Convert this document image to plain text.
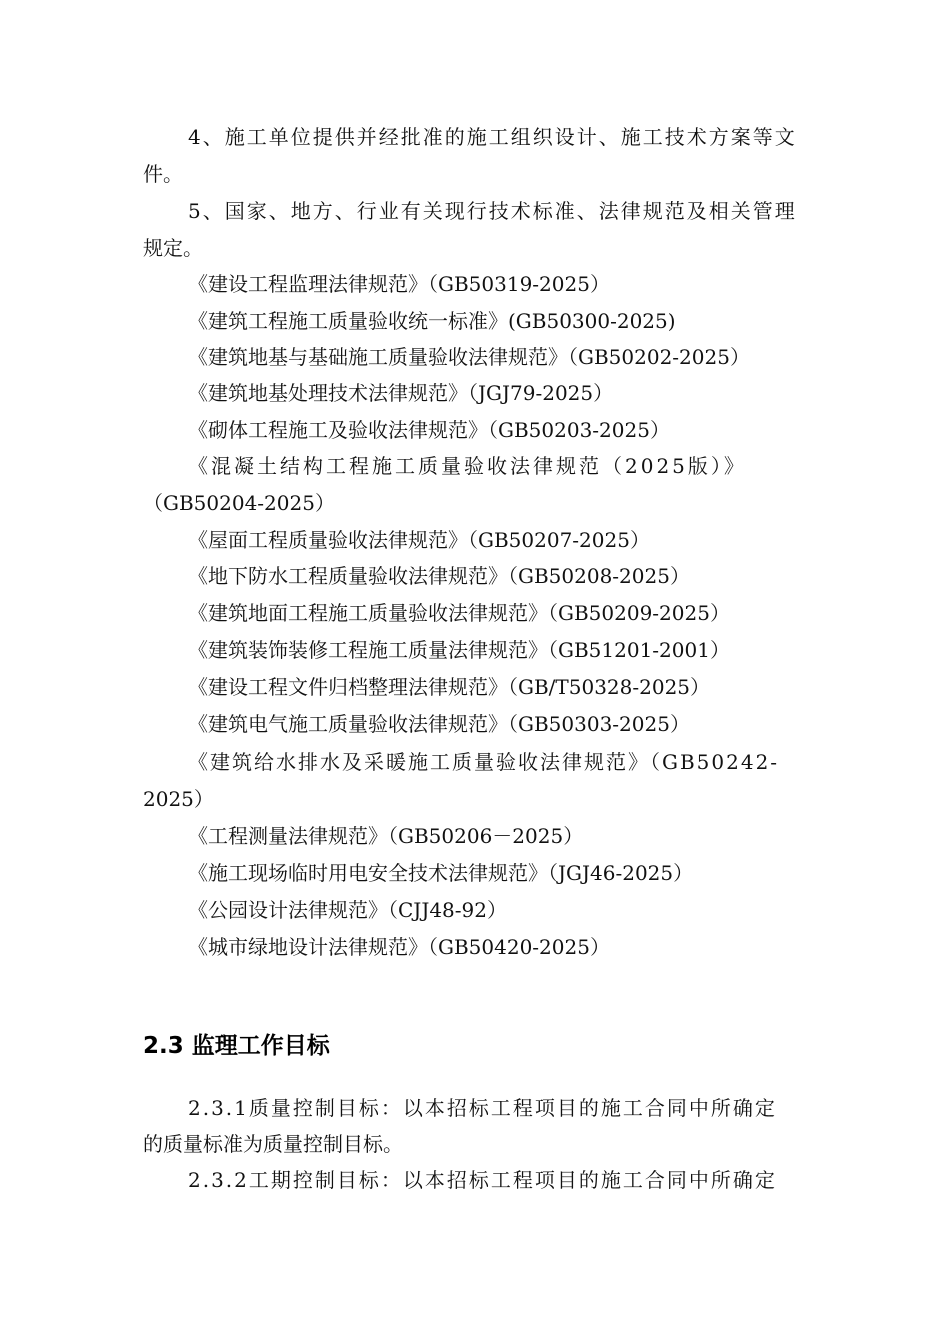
4、施工单位提供并经批准的施工组织设计、施工技术方案等文
件。
5、国家、地方、行业有关现行技术标准、法律规范及相关管理
规定。
《建设工程监理法律规范》（GB50319-2025）
《建筑工程施工质量验收统一标准》(GB50300-2025)
《建筑地基与基础施工质量验收法律规范》（GB50202-2025）
《建筑地基处理技术法律规范》（JGJ79-2025）
《砌体工程施工及验收法律规范》（GB50203-2025）
《混凝土结构工程施工质量验收法律规范（2025版）》
（GB50204-2025）
《屋面工程质量验收法律规范》（GB50207-2025）
《地下防水工程质量验收法律规范》（GB50208-2025）
《建筑地面工程施工质量验收法律规范》（GB50209-2025）
《建筑装饰装修工程施工质量法律规范》（GB51201-2001）
《建设工程文件归档整理法律规范》（GB/T50328-2025）
《建筑电气施工质量验收法律规范》（GB50303-2025）
《建筑给水排水及采暖施工质量验收法律规范》（GB50242-
2025）
《工程测量法律规范》（GB50206－2025）
《施工现场临时用电安全技术法律规范》（JGJ46-2025）
《公园设计法律规范》（CJJ48-92）
《城市绿地设计法律规范》（GB50420-2025）
2.3 监理工作目标
2.3.1质量控制目标：以本招标工程项目的施工合同中所确定
的质量标准为质量控制目标。
2.3.2工期控制目标：以本招标工程项目的施工合同中所确定
